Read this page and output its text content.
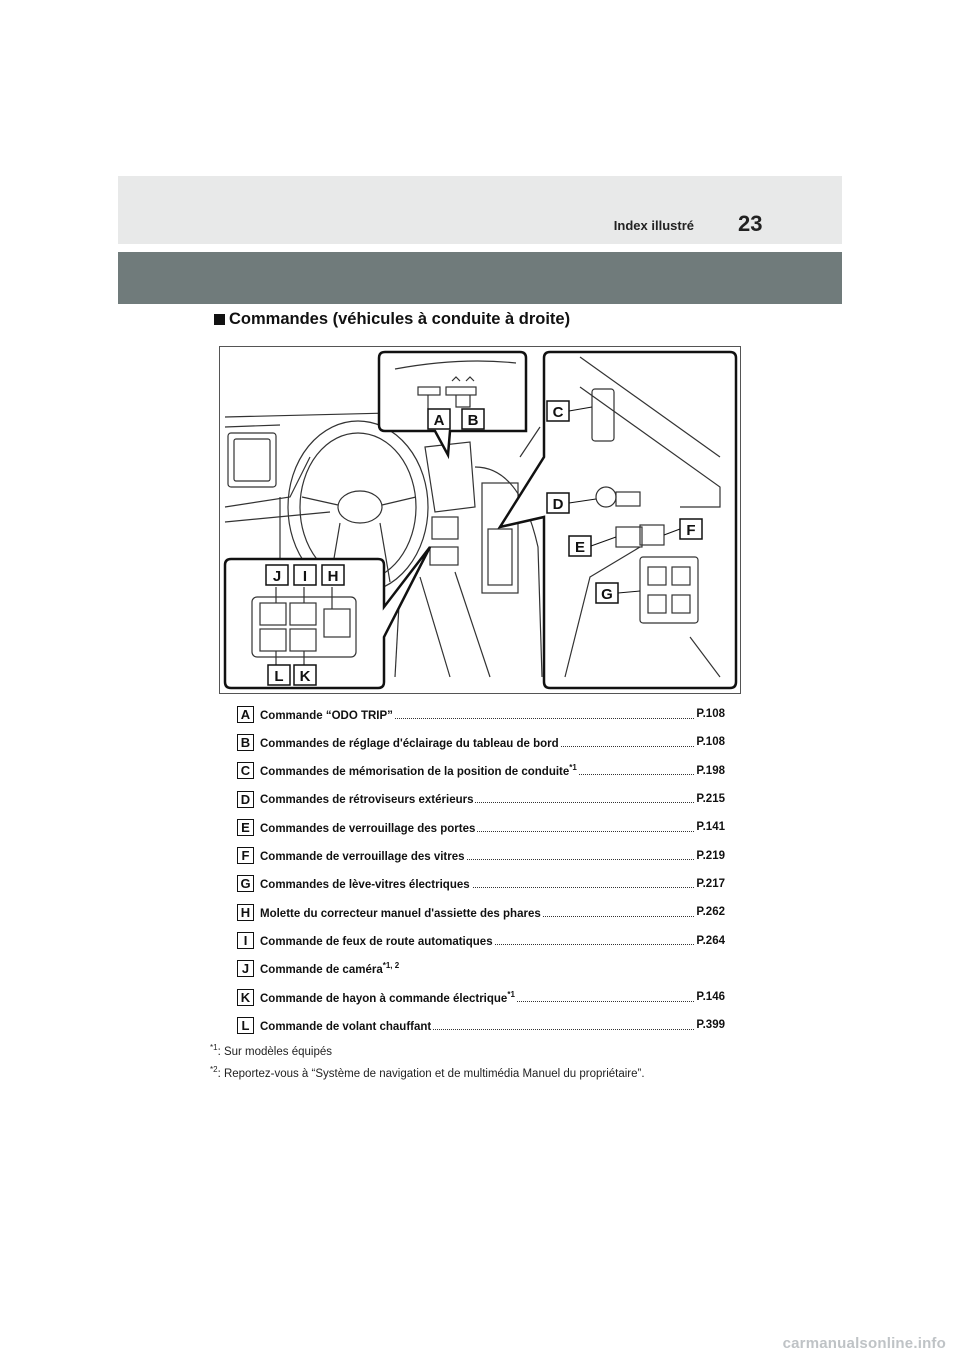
Index illustré 23
Commandes (véhicules à conduite à droite)
A B	C
D
E
F
G
J I H
L K
A Commande “ODO TRIP”	P.108
B Commandes de réglage d'éclairage du tableau de bord	P.108
C Commandes de mémorisation de la position de conduite$^{*1}$	P.198
D Commandes de rétroviseurs extérieurs	P.215
E Commandes de verrouillage des portes	P.141
F Commande de verrouillage des vitres	P.219
G Commandes de lève-vitres électriques	P.217
H Molette du correcteur manuel d'assiette des phares	P.262
I	Commande de feux de route automatiques	P.264
J Commande de caméra$^{*1, 2}$
K Commande de hayon à commande électrique$^{*1}$	P.146
L Commande de volant chauffant	P.399
$^{*1}$: Sur modèles équipés
$^{*2}$: Reportez-vous à “Système de navigation et de multimédia Manuel du propriétaire”.
carmanualsonline.info
